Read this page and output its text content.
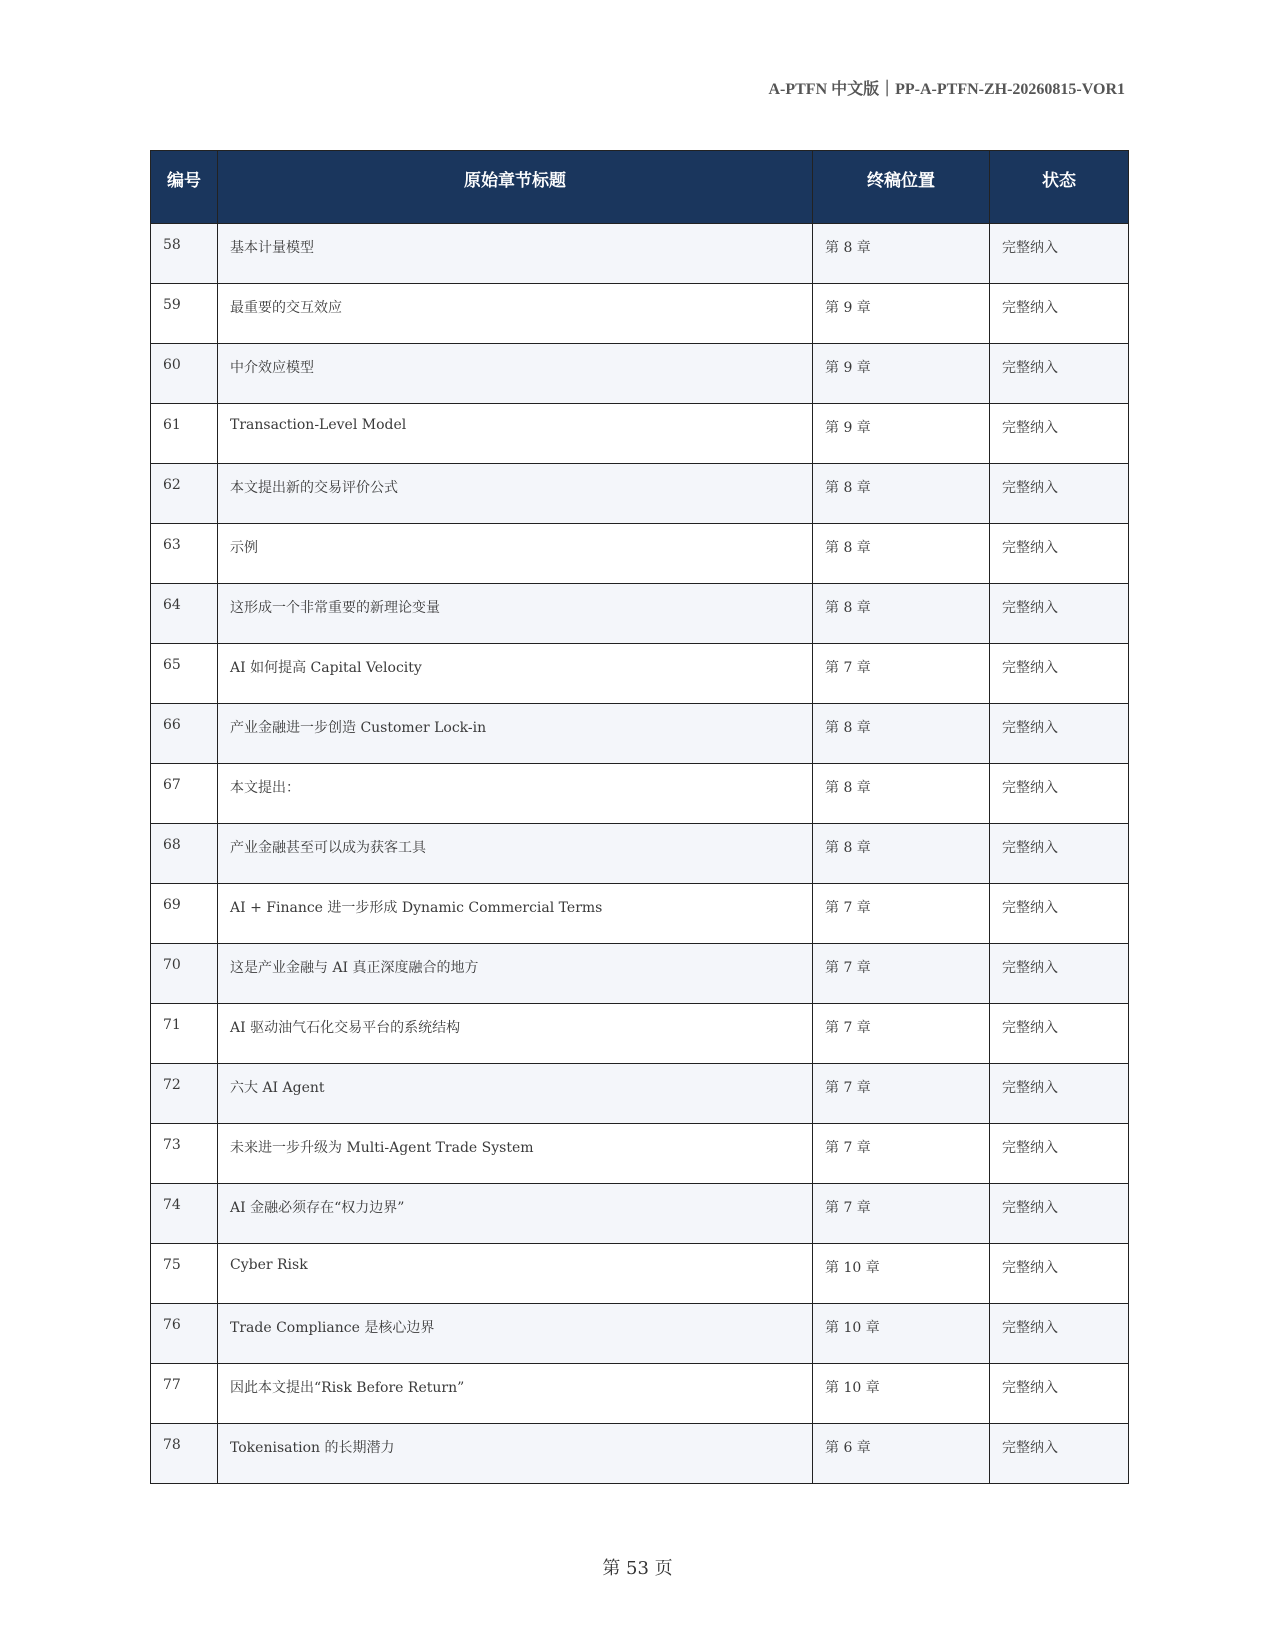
A-PTFN 中文版｜PP-A-PTFN-ZH-20260815-VOR1
编号	原始章节标题	终稿位置	状态
58	基本计量模型	第 8 章	完整纳入
59	最重要的交互效应	第 9 章	完整纳入
60	中介效应模型	第 9 章	完整纳入
61	Transaction-Level Model	第 9 章	完整纳入
62	本文提出新的交易评价公式	第 8 章	完整纳入
63	示例	第 8 章	完整纳入
64	这形成一个非常重要的新理论变量	第 8 章	完整纳入
65	AI 如何提高 Capital Velocity	第 7 章	完整纳入
66	产业金融进一步创造 Customer Lock-in	第 8 章	完整纳入
67	本文提出：	第 8 章	完整纳入
68	产业金融甚至可以成为获客工具	第 8 章	完整纳入
69	AI + Finance 进一步形成 Dynamic Commercial Terms	第 7 章	完整纳入
70	这是产业金融与 AI 真正深度融合的地方	第 7 章	完整纳入
71	AI 驱动油气石化交易平台的系统结构	第 7 章	完整纳入
72	六大 AI Agent	第 7 章	完整纳入
73	未来进一步升级为 Multi-Agent Trade System	第 7 章	完整纳入
74	AI 金融必须存在“权力边界”	第 7 章	完整纳入
75	Cyber Risk	第 10 章	完整纳入
76	Trade Compliance 是核心边界	第 10 章	完整纳入
77	因此本文提出“Risk Before Return”	第 10 章	完整纳入
78	Tokenisation 的长期潜力	第 6 章	完整纳入
第 53 页
